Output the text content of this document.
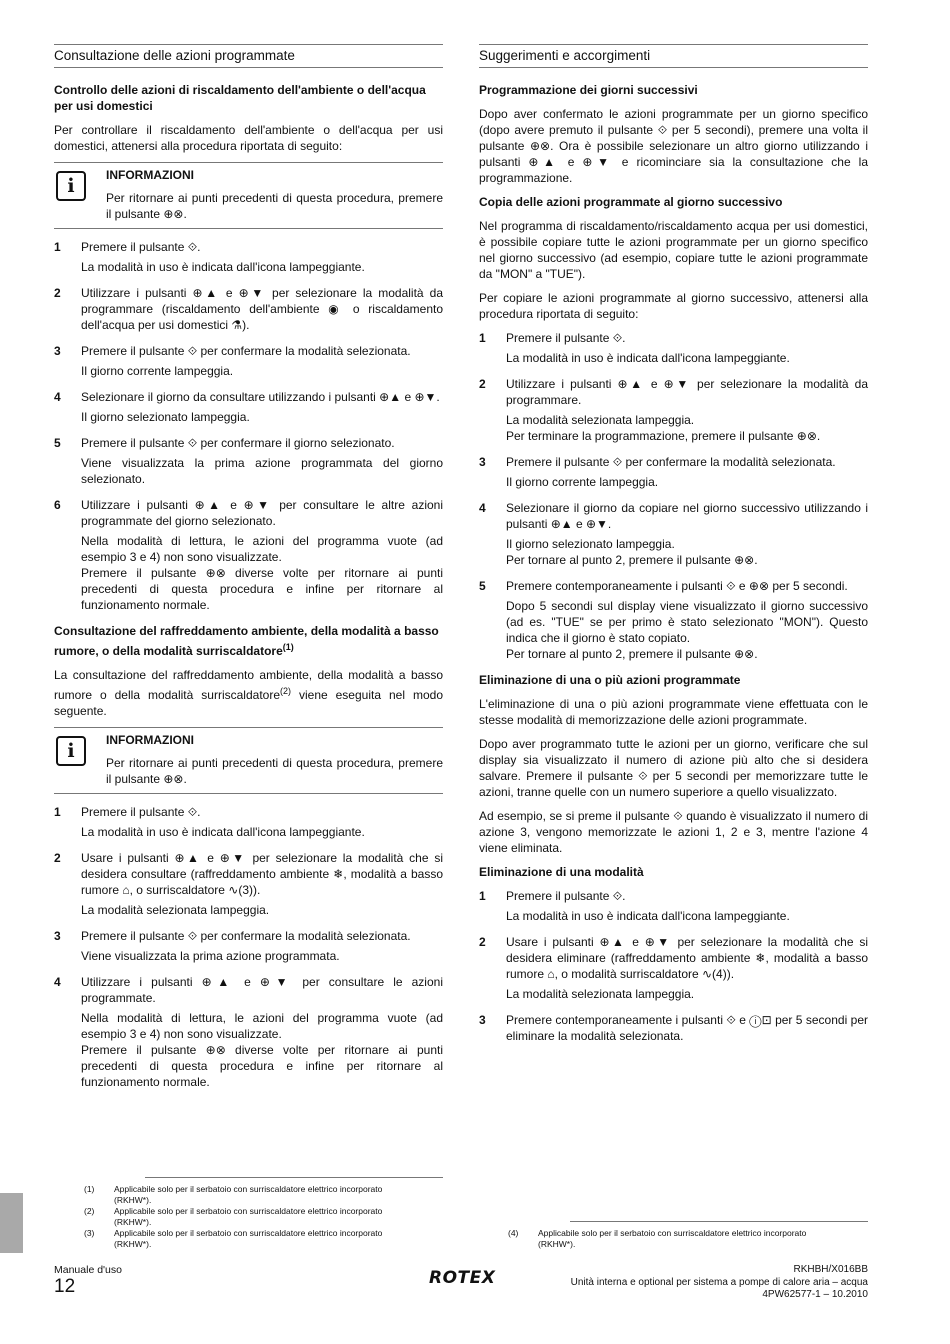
Consultazione delle azioni programmate
Controllo delle azioni di riscaldamento dell'ambiente o dell'acqua per usi domestici

Per controllare il riscaldamento dell'ambiente o dell'acqua per usi domestici, attenersi alla procedura riportata di seguito:

i	INFORMAZIONI

Per ritornare ai punti precedenti di questa procedura, premere il pulsante ⊕⊗.

1 Premere il pulsante ⟐.

La modalità in uso è indicata dall'icona lampeggiante.

2 Utilizzare i pulsanti ⊕▲ e ⊕▼ per selezionare la modalità da programmare (riscaldamento dell'ambiente ◉ o riscaldamento dell'acqua per usi domestici ⚗).

3 Premere il pulsante ⟐ per confermare la modalità selezionata.

Il giorno corrente lampeggia.

4 Selezionare il giorno da consultare utilizzando i pulsanti ⊕▲ e ⊕▼.

Il giorno selezionato lampeggia.

5 Premere il pulsante ⟐ per confermare il giorno selezionato.

Viene visualizzata la prima azione programmata del giorno selezionato.

6 Utilizzare i pulsanti ⊕▲ e ⊕▼ per consultare le altre azioni programmate del giorno selezionato.

Nella modalità di lettura, le azioni del programma vuote (ad esempio 3 e 4) non sono visualizzate.
Premere il pulsante ⊕⊗ diverse volte per ritornare ai punti precedenti di questa procedura e infine per ritornare al funzionamento normale.

Consultazione del raffreddamento ambiente, della modalità a basso rumore, o della modalità surriscaldatore$^{(1)}$

La consultazione del raffreddamento ambiente, della modalità a basso rumore o della modalità surriscaldatore$^{(2)}$ viene eseguita nel modo seguente.

i	INFORMAZIONI

Per ritornare ai punti precedenti di questa procedura, premere il pulsante ⊕⊗.

1 Premere il pulsante ⟐.

La modalità in uso è indicata dall'icona lampeggiante.

2 Usare i pulsanti ⊕▲ e ⊕▼ per selezionare la modalità che si desidera consultare (raffreddamento ambiente ❄, modalità a basso rumore ⌂, o surriscaldatore ∿(3)).

La modalità selezionata lampeggia.

3 Premere il pulsante ⟐ per confermare la modalità selezionata.

Viene visualizzata la prima azione programmata.

4 Utilizzare i pulsanti ⊕▲ e ⊕▼ per consultare le azioni programmate.

Nella modalità di lettura, le azioni del programma vuote (ad esempio 3 e 4) non sono visualizzate.
Premere il pulsante ⊕⊗ diverse volte per ritornare ai punti precedenti di questa procedura e infine per ritornare al funzionamento normale.

Suggerimenti e accorgimenti
Programmazione dei giorni successivi

Dopo aver confermato le azioni programmate per un giorno specifico (dopo avere premuto il pulsante ⟐ per 5 secondi), premere una volta il pulsante ⊕⊗. Ora è possibile selezionare un altro giorno utilizzando i pulsanti ⊕▲ e ⊕▼ e ricominciare sia la consultazione che la programmazione.

Copia delle azioni programmate al giorno successivo

Nel programma di riscaldamento/riscaldamento acqua per usi domestici, è possibile copiare tutte le azioni programmate per un giorno specifico nel giorno successivo (ad esempio, copiare tutte le azioni programmate da "MON" a "TUE").

Per copiare le azioni programmate al giorno successivo, attenersi alla procedura riportata di seguito:

1 Premere il pulsante ⟐.

La modalità in uso è indicata dall'icona lampeggiante.

2 Utilizzare i pulsanti ⊕▲ e ⊕▼ per selezionare la modalità da programmare.

La modalità selezionata lampeggia.
Per terminare la programmazione, premere il pulsante ⊕⊗.

3 Premere il pulsante ⟐ per confermare la modalità selezionata.

Il giorno corrente lampeggia.

4 Selezionare il giorno da copiare nel giorno successivo utilizzando i pulsanti ⊕▲ e ⊕▼.

Il giorno selezionato lampeggia.
Per tornare al punto 2, premere il pulsante ⊕⊗.

5 Premere contemporaneamente i pulsanti ⟐ e ⊕⊗ per 5 secondi.

Dopo 5 secondi sul display viene visualizzato il giorno successivo (ad es. "TUE" se per primo è stato selezionato "MON"). Questo indica che il giorno è stato copiato.
Per tornare al punto 2, premere il pulsante ⊕⊗.

Eliminazione di una o più azioni programmate

L'eliminazione di una o più azioni programmate viene effettuata con le stesse modalità di memorizzazione delle azioni programmate.

Dopo aver programmato tutte le azioni per un giorno, verificare che sul display sia visualizzato il numero di azione più alto che si desidera salvare. Premere il pulsante ⟐ per 5 secondi per memorizzare tutte le azioni, tranne quelle con un numero superiore a quello visualizzato.

Ad esempio, se si preme il pulsante ⟐ quando è visualizzato il numero di azione 3, vengono memorizzate le azioni 1, 2 e 3, mentre l'azione 4 viene eliminata.

Eliminazione di una modalità
1 Premere il pulsante ⟐.

La modalità in uso è indicata dall'icona lampeggiante.

2 Usare i pulsanti ⊕▲ e ⊕▼ per selezionare la modalità che si desidera eliminare (raffreddamento ambiente ❄, modalità a basso rumore ⌂, o modalità surriscaldatore ∿(4)).

La modalità selezionata lampeggia.

3 Premere contemporaneamente i pulsanti ⟐ e ⓘ⊡ per 5 secondi per eliminare la modalità selezionata.

(1) Applicabile solo per il serbatoio con surriscaldatore elettrico incorporato (RKHW*).
(2) Applicabile solo per il serbatoio con surriscaldatore elettrico incorporato (RKHW*).
(3) Applicabile solo per il serbatoio con surriscaldatore elettrico incorporato (RKHW*).
(4) Applicabile solo per il serbatoio con surriscaldatore elettrico incorporato (RKHW*).
Manuale d'uso
12	ROTEX	RKHBH/X016BB
Unità interna e optional per sistema a pompe di calore aria – acqua
4PW62577-1 – 10.2010
